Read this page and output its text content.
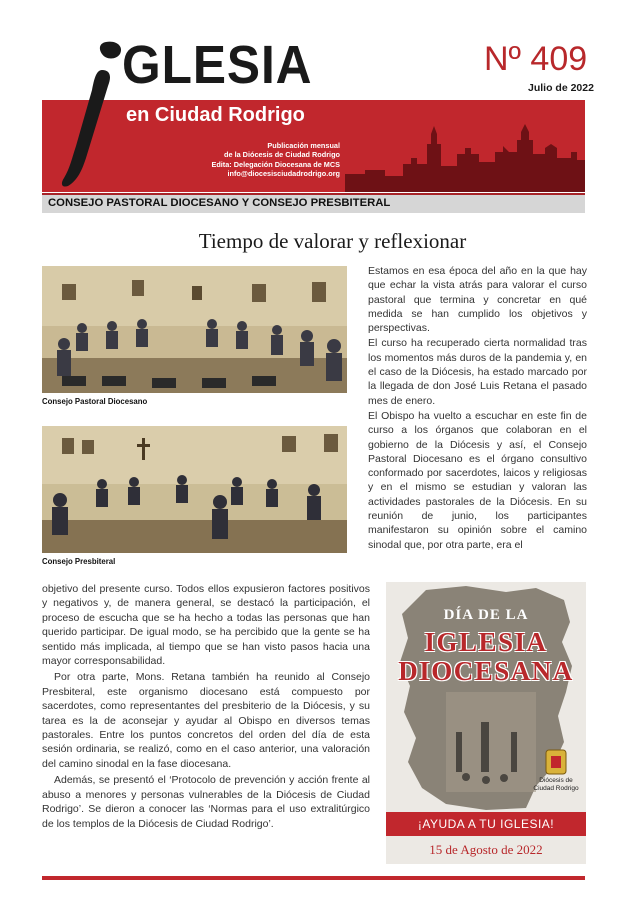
GLESIA	Nº 409
Julio de 2022
en Ciudad Rodrigo
Publicación mensual
de la Diócesis de Ciudad Rodrigo
Edita: Delegación Diocesana de MCS
info@diocesisciudadrodrigo.org
CONSEJO PASTORAL DIOCESANO Y CONSEJO PRESBITERAL
Tiempo de valorar y reflexionar
Consejo Pastoral Diocesano
Consejo Presbiteral

Estamos en esa época del año en la que hay que echar la vista atrás para valorar el curso pastoral que termina y concretar en qué medida se han cumplido los objetivos y perspectivas.

El curso ha recuperado cierta normalidad tras los momentos más duros de la pandemia y, en el caso de la Diócesis, ha estado marcado por la llegada de don José Luis Retana el pasado mes de enero.

El Obispo ha vuelto a escuchar en este fin de curso a los órganos que colaboran en el gobierno de la Diócesis y así, el Consejo Pastoral Diocesano es el órgano consultivo conformado por sacerdotes, laicos y religiosas y en el mismo se estudian y valoran las actividades pastorales de la Diócesis. En su reunión de junio, los participantes manifestaron su opinión sobre el camino sinodal que, por otra parte, era el

objetivo del presente curso. Todos ellos expusieron factores positivos y negativos y, de manera general, se destacó la participación, el proceso de escucha que se ha hecho a todas las personas que han querido participar. De igual modo, se ha percibido que la gente se ha sentido más implicada, al tiempo que se han visto pasos hacia una mayor corresponsabilidad.

Por otra parte, Mons. Retana también ha reunido al Consejo Presbiteral, este organismo diocesano está compuesto por sacerdotes, como representantes del presbiterio de la Diócesis, y su tarea es la de aconsejar y ayudar al Obispo en diversos temas pastorales. Entre los puntos concretos del orden del día de esta sesión ordinaria, se realizó, como en el caso anterior, una valoración del camino sinodal en la fase diocesana.

Además, se presentó el ‘Protocolo de prevención y acción frente al abuso a menores y personas vulnerables de la Diócesis de Ciudad Rodrigo’. Se dieron a conocer las ‘Normas para el uso extralitúrgico de los templos de la Diócesis de Ciudad Rodrigo’.

DÍA DE LA
IGLESIA
DIOCESANA
Diócesis de
Ciudad Rodrigo
¡AYUDA A TU IGLESIA!
15 de Agosto de 2022
